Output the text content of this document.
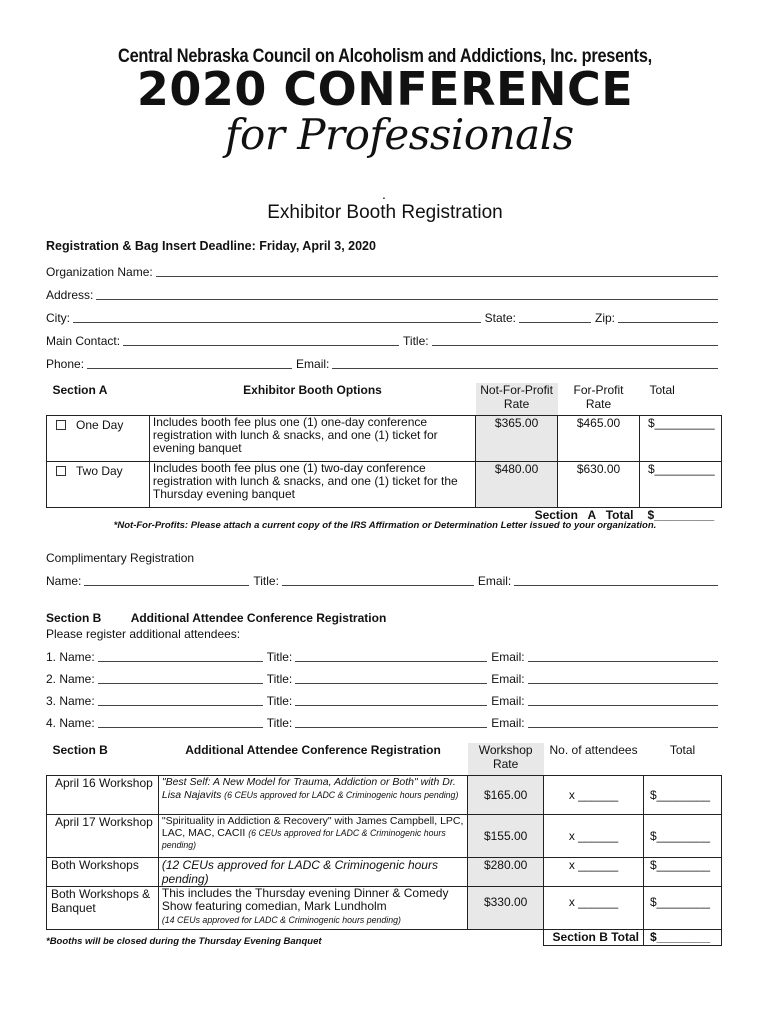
Central Nebraska Council on Alcoholism and Addictions, Inc. presents,
2020 CONFERENCE
for Professionals
.
Exhibitor Booth Registration
Registration & Bag Insert Deadline: Friday, April 3, 2020
Organization Name:
Address:
City:	State:	Zip:
Main Contact:	Title:
Phone:	Email:
Section A	Exhibitor Booth Options	Not-For-Profit Rate	For-Profit Rate	Total
One Day	Includes booth fee plus one (1) one-day conference registration with lunch & snacks, and one (1) ticket for evening banquet	$365.00	$465.00	$_________
Two Day	Includes booth fee plus one (1) two-day conference registration with lunch & snacks, and one (1) ticket for the Thursday evening banquet	$480.00	$630.00	$_________
		Section   A   Total		$_________
*Not-For-Profits: Please attach a current copy of the IRS Affirmation or Determination Letter issued to your organization.
Complimentary Registration
Name:	Title:	Email:
Section B Additional Attendee Conference Registration
Please register additional attendees:
1. Name:	Title:	Email:
2. Name:	Title:	Email:
3. Name:	Title:	Email:
4. Name:	Title:	Email:
Section B	Additional Attendee Conference Registration	Workshop Rate	No. of attendees	Total
April 16 Workshop	"Best Self: A New Model for Trauma, Addiction or Both" with Dr. Lisa Najavits (6 CEUs approved for LADC & Criminogenic hours pending)	$165.00	x ______	$________
April 17 Workshop	"Spirituality in Addiction & Recovery" with James Campbell, LPC, LAC, MAC, CACII (6 CEUs approved for LADC & Criminogenic hours pending)	$155.00	x ______	$________
Both Workshops	(12 CEUs approved for LADC & Criminogenic hours pending)	$280.00	x ______	$________
Both Workshops & Banquet	This includes the Thursday evening Dinner & Comedy Show featuring comedian, Mark Lundholm
(14 CEUs approved for LADC & Criminogenic hours pending)	$330.00	x ______	$________
			Section B Total	$________
*Booths will be closed during the Thursday Evening Banquet
